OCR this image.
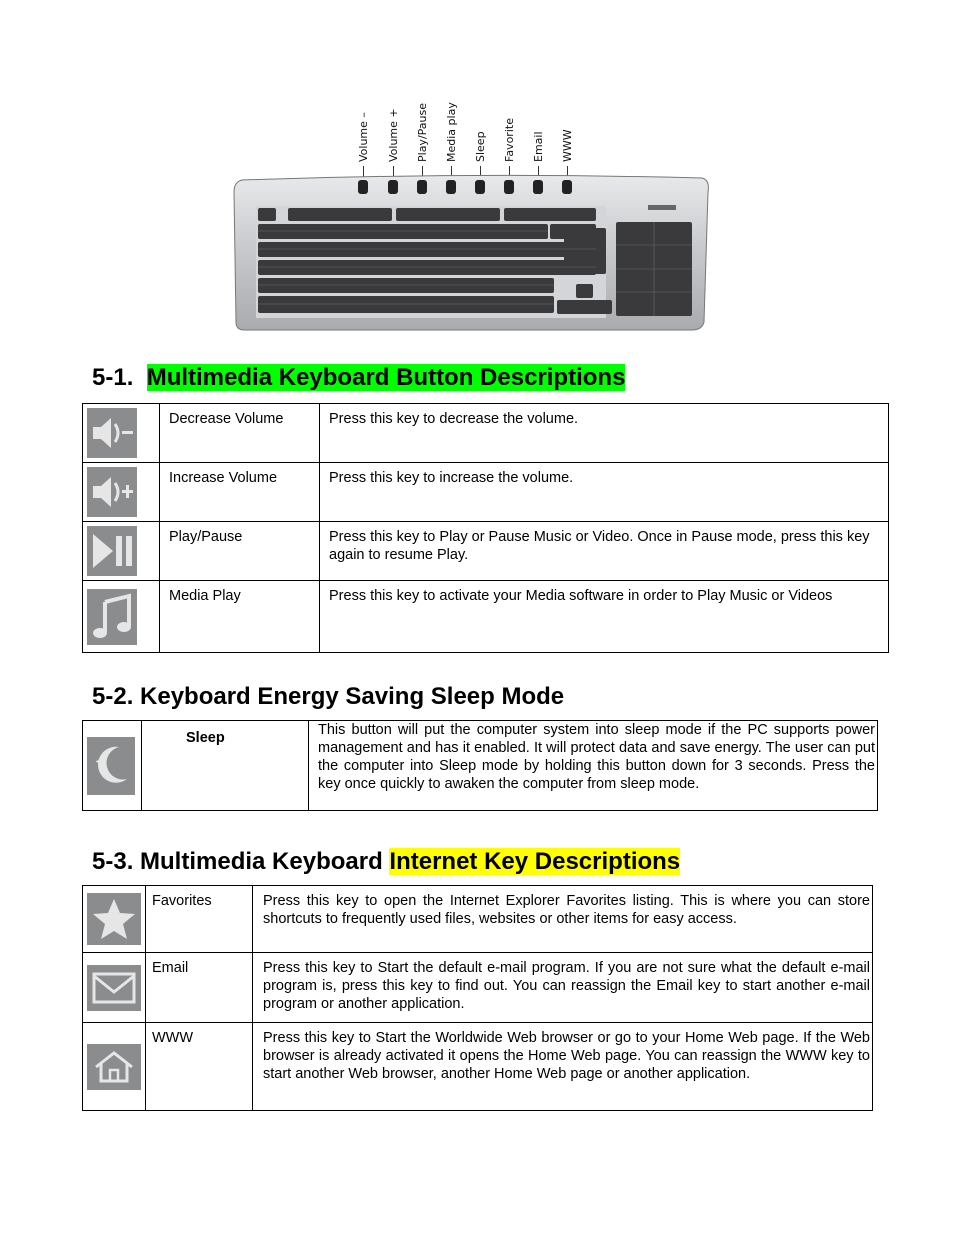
Volume – Volume + Play/Pause Media play Sleep Favorite Email WWW
5-1. Multimedia Keyboard Button Descriptions
	Decrease Volume	Press this key to decrease the volume.

	Increase Volume	Press this key to increase the volume.

	Play/Pause	Press this key to Play or Pause Music or Video. Once in Pause mode, press this key again to resume Play.

	Media Play	Press this key to activate your Media software in order to Play Music or Videos
5-2. Keyboard Energy Saving Sleep Mode
	Sleep	This button will put the computer system into sleep mode if the PC supports power management and has it enabled. It will protect data and save energy. The user can put the computer into Sleep mode by holding this button down for 3 seconds. Press the key once quickly to awaken the computer from sleep mode.
5-3. Multimedia Keyboard Internet Key Descriptions
	Favorites	Press this key to open the Internet Explorer Favorites listing. This is where you can store shortcuts to frequently used files, websites or other items for easy access.

	Email	Press this key to Start the default e-mail program. If you are not sure what the default e-mail program is, press this key to find out. You can reassign the Email key to start another e-mail program or another application.

	WWW	Press this key to Start the Worldwide Web browser or go to your Home Web page. If the Web browser is already activated it opens the Home Web page. You can reassign the WWW key to start another Web browser, another Home Web page or another application.
